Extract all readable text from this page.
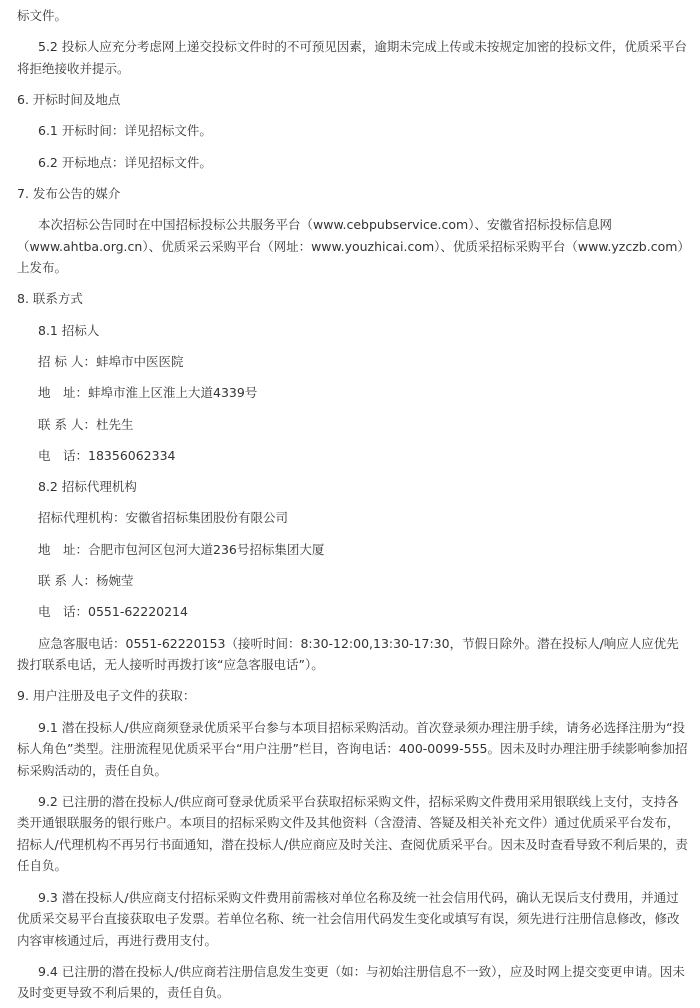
标文件。

5.2 投标人应充分考虑网上递交投标文件时的不可预见因素，逾期未完成上传或未按规定加密的投标文件，优质采平台将拒绝接收并提示。

6. 开标时间及地点

6.1 开标时间：详见招标文件。

6.2 开标地点：详见招标文件。

7. 发布公告的媒介

本次招标公告同时在中国招标投标公共服务平台（www.cebpubservice.com）、安徽省招标投标信息网（www.ahtba.org.cn）、优质采云采购平台（网址：www.youzhicai.com）、优质采招标采购平台（www.yzczb.com）上发布。

8. 联系方式

8.1 招标人

招 标 人：蚌埠市中医医院
地　址：蚌埠市淮上区淮上大道4339号
联 系 人：杜先生
电　话：18356062334

8.2 招标代理机构

招标代理机构：安徽省招标集团股份有限公司
地　址：合肥市包河区包河大道236号招标集团大厦
联 系 人：杨婉莹
电　话：0551-62220214

应急客服电话：0551-62220153（接听时间：8:30-12:00,13:30-17:30，节假日除外。潜在投标人/响应人应优先拨打联系电话，无人接听时再拨打该“应急客服电话”）。

9. 用户注册及电子文件的获取：

9.1 潜在投标人/供应商须登录优质采平台参与本项目招标采购活动。首次登录须办理注册手续，请务必选择注册为“投标人角色”类型。注册流程见优质采平台“用户注册”栏目，咨询电话：400-0099-555。因未及时办理注册手续影响参加招标采购活动的，责任自负。

9.2 已注册的潜在投标人/供应商可登录优质采平台获取招标采购文件，招标采购文件费用采用银联线上支付，支持各类开通银联服务的银行账户。本项目的招标采购文件及其他资料（含澄清、答疑及相关补充文件）通过优质采平台发布，招标人/代理机构不再另行书面通知，潜在投标人/供应商应及时关注、查阅优质采平台。因未及时查看导致不利后果的，责任自负。

9.3 潜在投标人/供应商支付招标采购文件费用前需核对单位名称及统一社会信用代码，确认无误后支付费用，并通过优质采交易平台直接获取电子发票。若单位名称、统一社会信用代码发生变化或填写有误，须先进行注册信息修改，修改内容审核通过后，再进行费用支付。

9.4 已注册的潜在投标人/供应商若注册信息发生变更（如：与初始注册信息不一致），应及时网上提交变更申请。因未及时变更导致不利后果的，责任自负。
